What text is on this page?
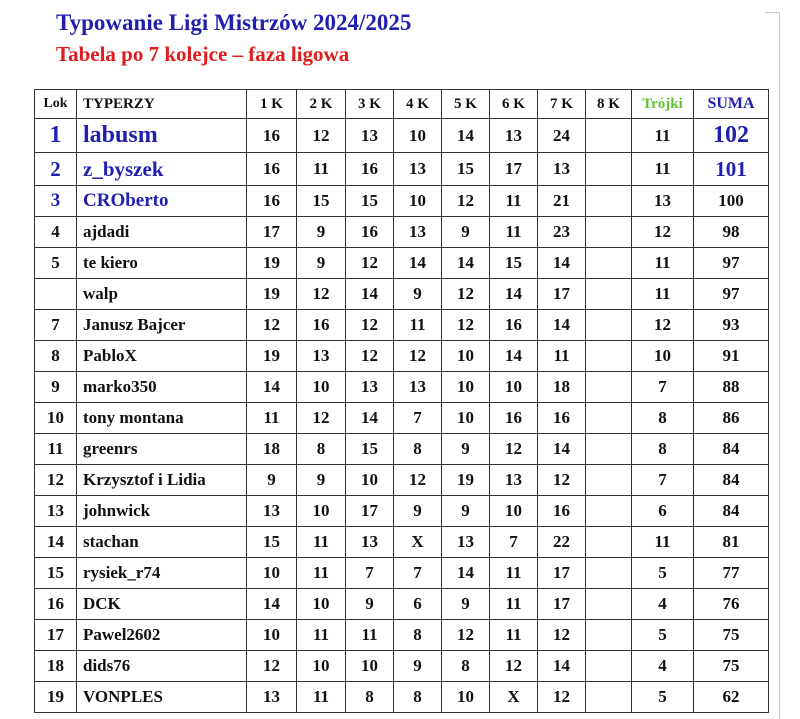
Typowanie Ligi Mistrzów 2024/2025
Tabela po 7 kolejce – faza ligowa
Lok	TYPERZY	1 K	2 K	3 K	4 K	5 K	6 K	7 K	8 K	Trójki	SUMA
1	labusm	16	12	13	10	14	13	24		11	102
2	z_byszek	16	11	16	13	15	17	13		11	101
3	CROberto	16	15	15	10	12	11	21		13	100
4	ajdadi	17	9	16	13	9	11	23		12	98
5	te kiero	19	9	12	14	14	15	14		11	97
	walp	19	12	14	9	12	14	17		11	97
7	Janusz Bajcer	12	16	12	11	12	16	14		12	93
8	PabloX	19	13	12	12	10	14	11		10	91
9	marko350	14	10	13	13	10	10	18		7	88
10	tony montana	11	12	14	7	10	16	16		8	86
11	greenrs	18	8	15	8	9	12	14		8	84
12	Krzysztof i Lidia	9	9	10	12	19	13	12		7	84
13	johnwick	13	10	17	9	9	10	16		6	84
14	stachan	15	11	13	X	13	7	22		11	81
15	rysiek_r74	10	11	7	7	14	11	17		5	77
16	DCK	14	10	9	6	9	11	17		4	76
17	Pawel2602	10	11	11	8	12	11	12		5	75
18	dids76	12	10	10	9	8	12	14		4	75
19	VONPLES	13	11	8	8	10	X	12		5	62
